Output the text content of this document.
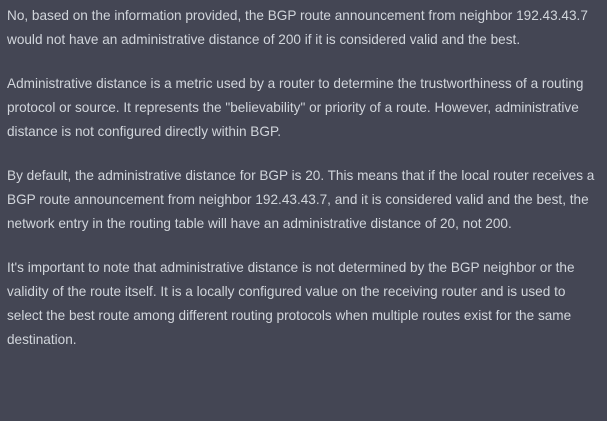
No, based on the information provided, the BGP route announcement from neighbor 192.43.43.7 would not have an administrative distance of 200 if it is considered valid and the best.

Administrative distance is a metric used by a router to determine the trustworthiness of a routing protocol or source. It represents the "believability" or priority of a route. However, administrative distance is not configured directly within BGP.

By default, the administrative distance for BGP is 20. This means that if the local router receives a BGP route announcement from neighbor 192.43.43.7, and it is considered valid and the best, the network entry in the routing table will have an administrative distance of 20, not 200.

It's important to note that administrative distance is not determined by the BGP neighbor or the validity of the route itself. It is a locally configured value on the receiving router and is used to select the best route among different routing protocols when multiple routes exist for the same destination.
